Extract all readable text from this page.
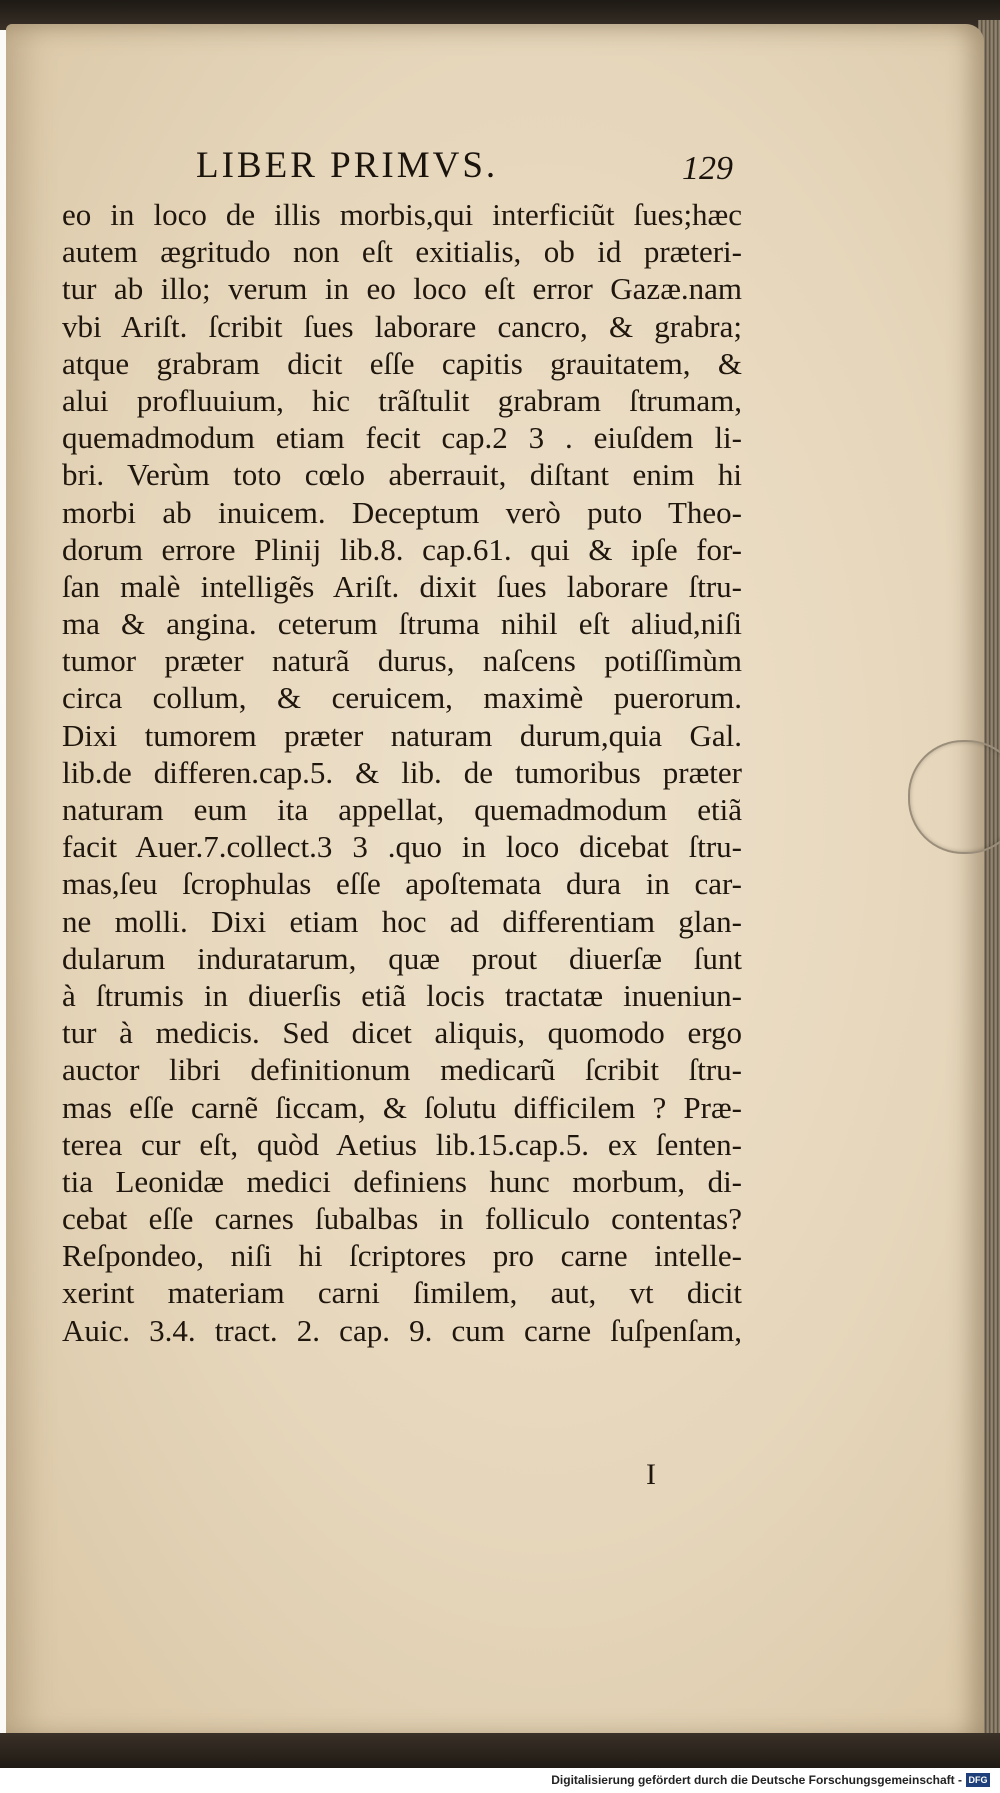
LIBER PRIMVS.	129
eo in loco de illis morbis,qui interficiũt ſues;hæc
autem ægritudo non eſt exitialis, ob id præteri-
tur ab illo; verum in eo loco eſt error Gazæ.nam
vbi Ariſt. ſcribit ſues laborare cancro, & grabra;
atque grabram dicit eſſe capitis grauitatem, &
alui profluuium, hic trãſtulit grabram ſtrumam,
quemadmodum etiam fecit cap.2 3 . eiuſdem li-
bri. Verùm toto cœlo aberrauit, diſtant enim hi
morbi ab inuicem. Deceptum verò puto Theo-
dorum errore Plinij lib.8. cap.61. qui & ipſe for-
ſan malè intelligẽs Ariſt. dixit ſues laborare ſtru-
ma & angina. ceterum ſtruma nihil eſt aliud,niſi
tumor præter naturã durus, naſcens potiſſimùm
circa collum, & ceruicem, maximè puerorum.
Dixi tumorem præter naturam durum,quia Gal.
lib.de differen.cap.5. & lib. de tumoribus præter
naturam eum ita appellat, quemadmodum etiã
facit Auer.7.collect.3 3 .quo in loco dicebat ſtru-
mas,ſeu ſcrophulas eſſe apoſtemata dura in car-
ne molli. Dixi etiam hoc ad differentiam glan-
dularum induratarum, quæ prout diuerſæ ſunt
à ſtrumis in diuerſis etiã locis tractatæ inueniun-
tur à medicis. Sed dicet aliquis, quomodo ergo
auctor libri definitionum medicarũ ſcribit ſtru-
mas eſſe carnẽ ſiccam, & ſolutu difficilem ? Præ-
terea cur eſt, quòd Aetius lib.15.cap.5. ex ſenten-
tia Leonidæ medici definiens hunc morbum, di-
cebat eſſe carnes ſubalbas in folliculo contentas?
Reſpondeo, niſi hi ſcriptores pro carne intelle-
xerint materiam carni ſimilem, aut, vt dicit
Auic. 3.4. tract. 2. cap. 9. cum carne ſuſpenſam,
I
Digitalisierung gefördert durch die Deutsche Forschungsgemeinschaft - DFG
